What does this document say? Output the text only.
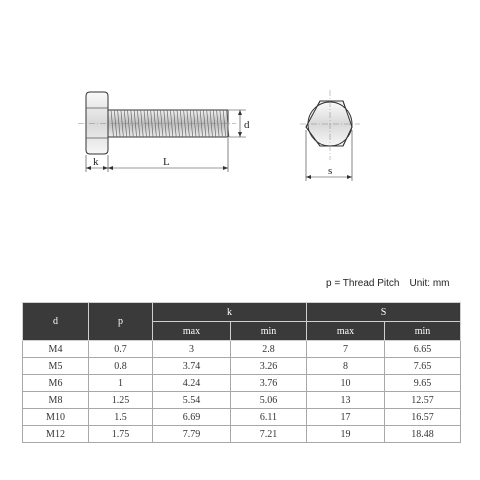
d
k	L
s
p = Thread Pitch Unit: mm
d	p	k		S	
		max	min	max	min
M4	0.7	3	2.8	7	6.65
M5	0.8	3.74	3.26	8	7.65
M6	1	4.24	3.76	10	9.65
M8	1.25	5.54	5.06	13	12.57
M10	1.5	6.69	6.11	17	16.57
M12	1.75	7.79	7.21	19	18.48
